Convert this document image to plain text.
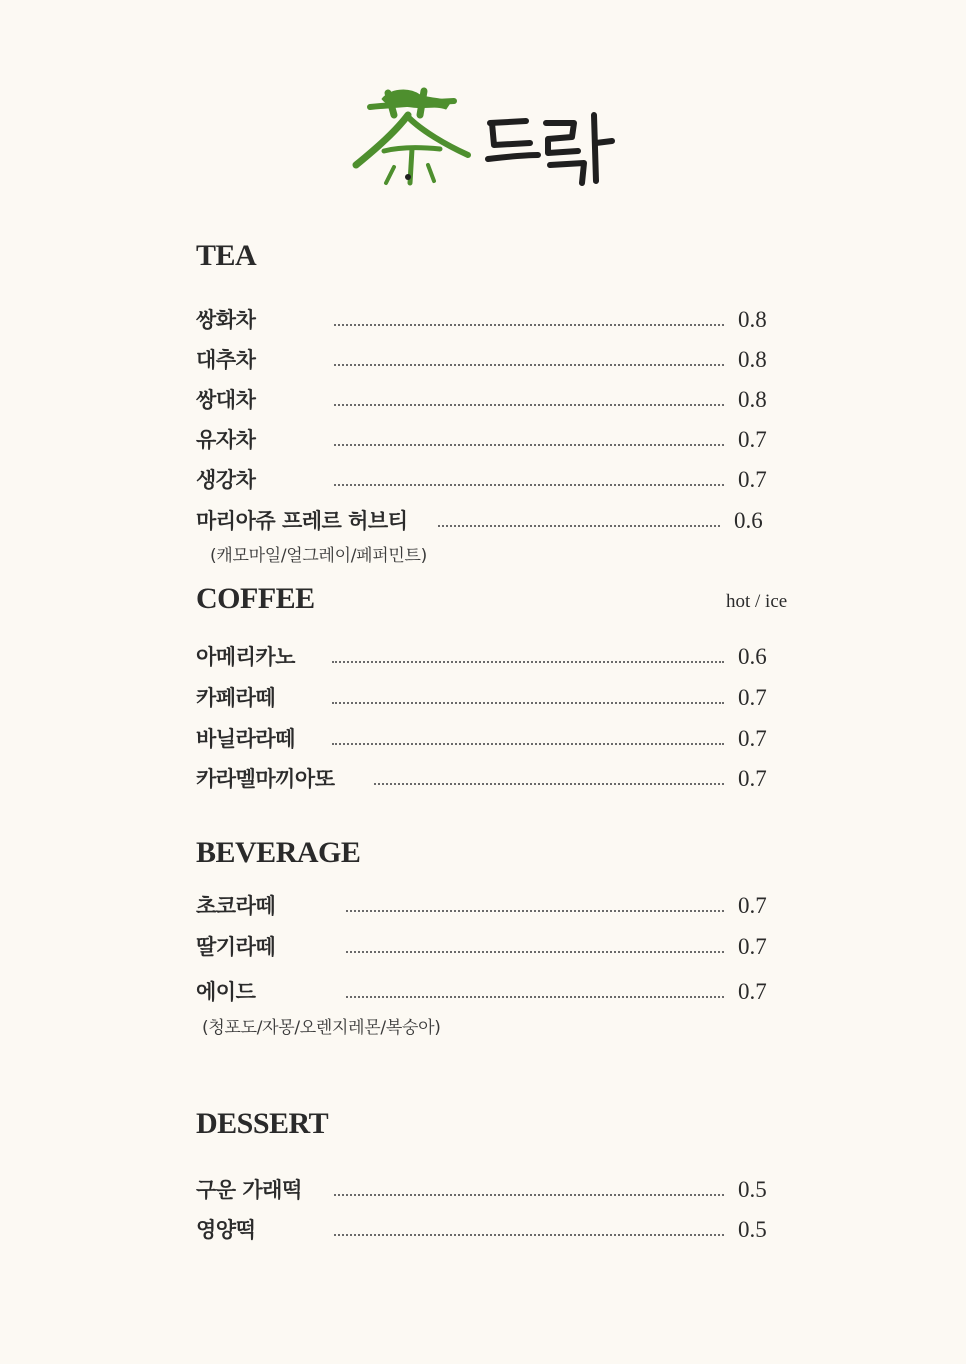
TEA
쌍화차	0.8
대추차	0.8
쌍대차	0.8
유자차	0.7
생강차	0.7
마리아쥬 프레르 허브티	0.6
(캐모마일/얼그레이/페퍼민트)
COFFEE	hot / ice
아메리카노	0.6
카페라떼	0.7
바닐라라떼	0.7
카라멜마끼아또	0.7
BEVERAGE
초코라떼	0.7
딸기라떼	0.7
에이드	0.7
(청포도/자몽/오렌지레몬/복숭아)
DESSERT
구운 가래떡	0.5
영양떡	0.5
